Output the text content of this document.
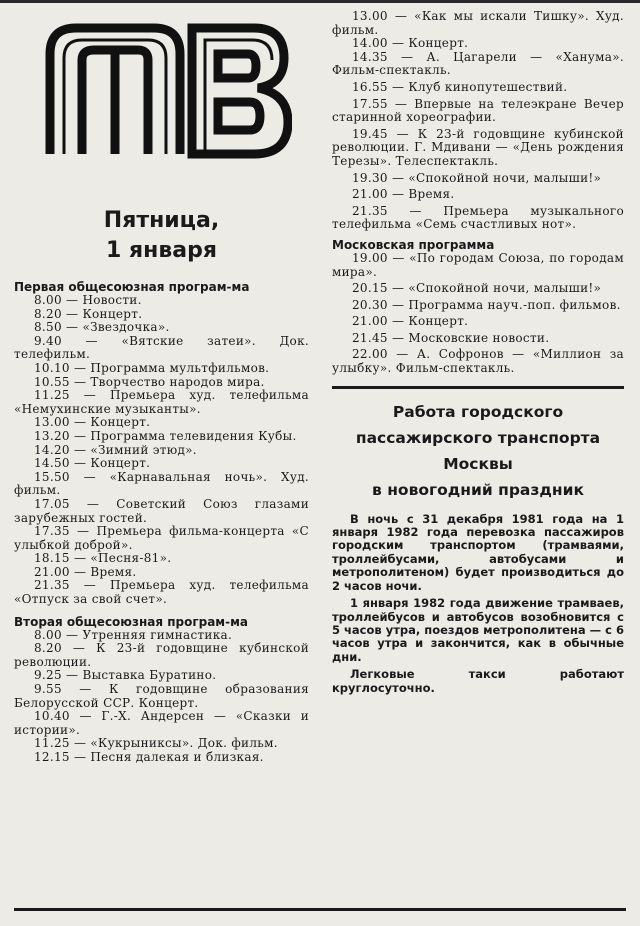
Пятница,
1 января
Первая общесоюзная програм-ма

8.00 — Новости.

8.20 — Концерт.

8.50 — «Звездочка».

9.40 — «Вятские затеи». Док. телефильм.

10.10 — Программа мультфильмов.

10.55 — Творчество народов мира.

11.25 — Премьера худ. телефильма «Немухинские музыканты».

13.00 — Концерт.

13.20 — Программа телевидения Кубы.

14.20 — «Зимний этюд».

14.50 — Концерт.

15.50 — «Карнавальная ночь». Худ. фильм.

17.05 — Советский Союз глазами зарубежных гостей.

17.35 — Премьера фильма-концерта «С улыбкой доброй».

18.15 — «Песня-81».

21.00 — Время.

21.35 — Премьера худ. телефильма «Отпуск за свой счет».

Вторая общесоюзная програм-ма

8.00 — Утренняя гимнастика.

8.20 — К 23-й годовщине кубинской революции.

9.25 — Выставка Буратино.

9.55 — К годовщине образования Белорусской ССР. Концерт.

10.40 — Г.-Х. Андерсен — «Сказки и истории».

11.25 — «Кукрыниксы». Док. фильм.

12.15 — Песня далекая и близкая.

13.00 — «Как мы искали Тишку». Худ. фильм.

14.00 — Концерт.

14.35 — А. Цагарели — «Ханума». Фильм-спектакль.

16.55 — Клуб кинопутешествий.

17.55 — Впервые на телеэкране Вечер старинной хореографии.

19.45 — К 23-й годовщине кубинской революции. Г. Мдивани — «День рождения Терезы». Телеспектакль.

19.30 — «Спокойной ночи, малыши!»

21.00 — Время.

21.35 — Премьера музыкального телефильма «Семь счастливых нот».

Московская программа

19.00 — «По городам Союза, по городам мира».

20.15 — «Спокойной ночи, малыши!»

20.30 — Программа науч.-поп. фильмов.

21.00 — Концерт.

21.45 — Московские новости.

22.00 — А. Софронов — «Миллион за улыбку». Фильм-спектакль.

Работа городского
пассажирского транспорта
Москвы
в новогодний праздник

В ночь с 31 декабря 1981 года на 1 января 1982 года перевозка пассажиров городским транспортом (трамваями, троллейбусами, автобусами и метрополитеном) будет производиться до 2 часов ночи.

1 января 1982 года движение трамваев, троллейбусов и автобусов возобновится с 5 часов утра, поездов метрополитена — с 6 часов утра и закончится, как в обычные дни.

Легковые такси работают круглосуточно.
